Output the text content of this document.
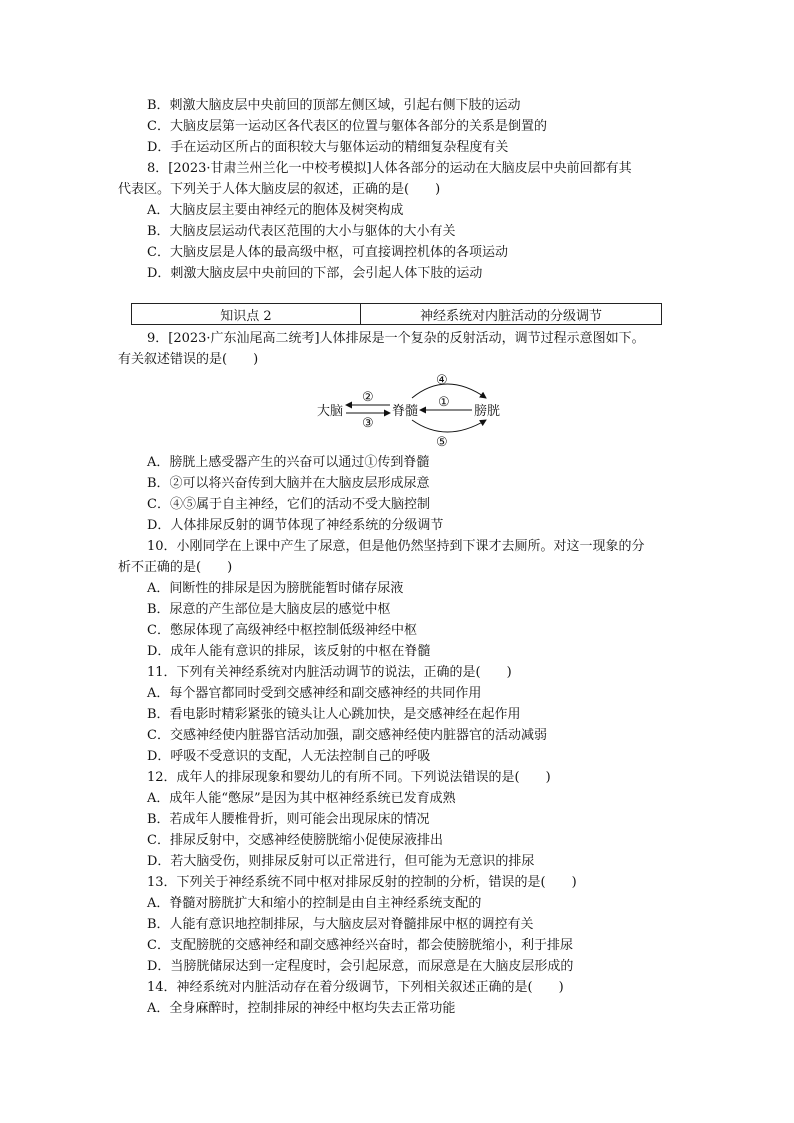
B．刺激大脑皮层中央前回的顶部左侧区域，引起右侧下肢的运动
C．大脑皮层第一运动区各代表区的位置与躯体各部分的关系是倒置的
D．手在运动区所占的面积较大与躯体运动的精细复杂程度有关
8．[2023·甘肃兰州兰化一中校考模拟]人体各部分的运动在大脑皮层中央前回都有其
代表区。下列关于人体大脑皮层的叙述，正确的是(　　)
A．大脑皮层主要由神经元的胞体及树突构成
B．大脑皮层运动代表区范围的大小与躯体的大小有关
C．大脑皮层是人体的最高级中枢，可直接调控机体的各项运动
D．刺激大脑皮层中央前回的下部，会引起人体下肢的运动
知识点 2	神经系统对内脏活动的分级调节
9．[2023·广东汕尾高二统考]人体排尿是一个复杂的反射活动，调节过程示意图如下。
有关叙述错误的是(　　)
大脑	脊髓	膀胱
②
③
①
④
⑤
A．膀胱上感受器产生的兴奋可以通过①传到脊髓
B．②可以将兴奋传到大脑并在大脑皮层形成尿意
C．④⑤属于自主神经，它们的活动不受大脑控制
D．人体排尿反射的调节体现了神经系统的分级调节
10．小刚同学在上课中产生了尿意，但是他仍然坚持到下课才去厕所。对这一现象的分
析不正确的是(　　)
A．间断性的排尿是因为膀胱能暂时储存尿液
B．尿意的产生部位是大脑皮层的感觉中枢
C．憋尿体现了高级神经中枢控制低级神经中枢
D．成年人能有意识的排尿，该反射的中枢在脊髓
11．下列有关神经系统对内脏活动调节的说法，正确的是(　　)
A．每个器官都同时受到交感神经和副交感神经的共同作用
B．看电影时精彩紧张的镜头让人心跳加快，是交感神经在起作用
C．交感神经使内脏器官活动加强，副交感神经使内脏器官的活动减弱
D．呼吸不受意识的支配，人无法控制自己的呼吸
12．成年人的排尿现象和婴幼儿的有所不同。下列说法错误的是(　　)
A．成年人能“憋尿”是因为其中枢神经系统已发育成熟
B．若成年人腰椎骨折，则可能会出现尿床的情况
C．排尿反射中，交感神经使膀胱缩小促使尿液排出
D．若大脑受伤，则排尿反射可以正常进行，但可能为无意识的排尿
13．下列关于神经系统不同中枢对排尿反射的控制的分析，错误的是(　　)
A．脊髓对膀胱扩大和缩小的控制是由自主神经系统支配的
B．人能有意识地控制排尿，与大脑皮层对脊髓排尿中枢的调控有关
C．支配膀胱的交感神经和副交感神经兴奋时，都会使膀胱缩小，利于排尿
D．当膀胱储尿达到一定程度时，会引起尿意，而尿意是在大脑皮层形成的
14．神经系统对内脏活动存在着分级调节，下列相关叙述正确的是(　　)
A．全身麻醉时，控制排尿的神经中枢均失去正常功能
